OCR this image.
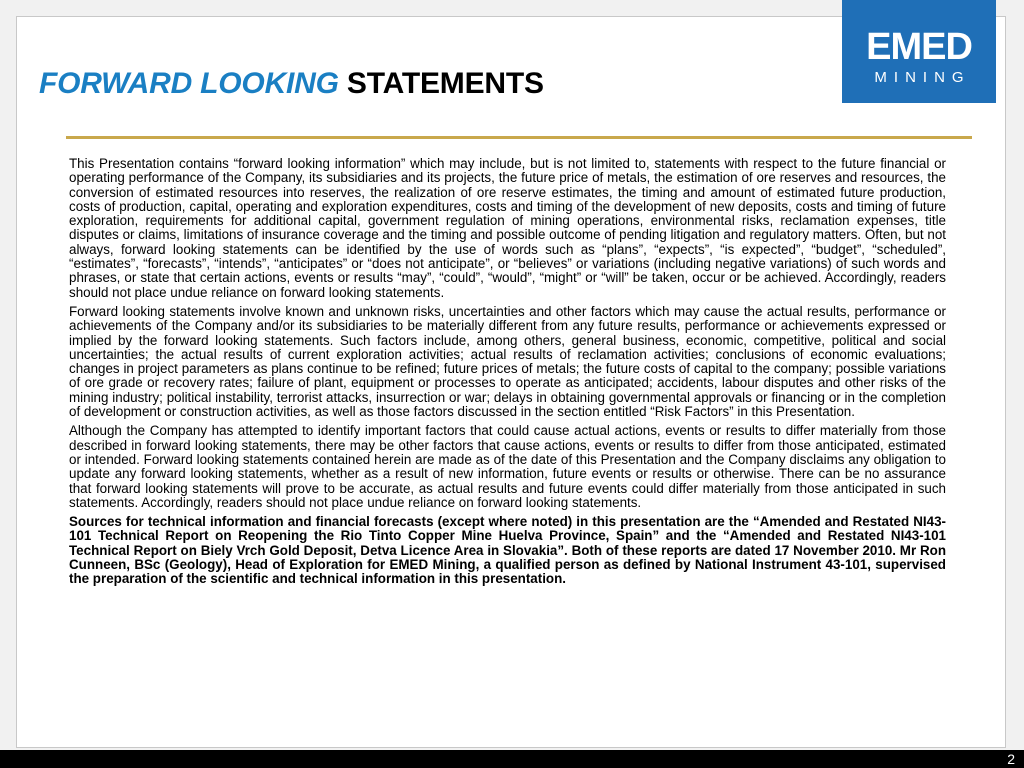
FORWARD LOOKING STATEMENTS
EMED
MINING

This Presentation contains “forward looking information” which may include, but is not limited to, statements with respect to the future financial or operating performance of the Company, its subsidiaries and its projects, the future price of metals, the estimation of ore reserves and resources, the conversion of estimated resources into reserves, the realization of ore reserve estimates, the timing and amount of estimated future production, costs of production, capital, operating and exploration expenditures, costs and timing of the development of new deposits, costs and timing of future exploration, requirements for additional capital, government regulation of mining operations, environmental risks, reclamation expenses, title disputes or claims, limitations of insurance coverage and the timing and possible outcome of pending litigation and regulatory matters. Often, but not always, forward looking statements can be identified by the use of words such as “plans”, “expects”, “is expected”, “budget”, “scheduled”, “estimates”, “forecasts”, “intends”, “anticipates” or “does not anticipate”, or “believes” or variations (including negative variations) of such words and phrases, or state that certain actions, events or results “may”, “could”, “would”, “might” or “will” be taken, occur or be achieved. Accordingly, readers should not place undue reliance on forward looking statements.

Forward looking statements involve known and unknown risks, uncertainties and other factors which may cause the actual results, performance or achievements of the Company and/or its subsidiaries to be materially different from any future results, performance or achievements expressed or implied by the forward looking statements. Such factors include, among others, general business, economic, competitive, political and social uncertainties; the actual results of current exploration activities; actual results of reclamation activities; conclusions of economic evaluations; changes in project parameters as plans continue to be refined; future prices of metals; the future costs of capital to the company; possible variations of ore grade or recovery rates; failure of plant, equipment or processes to operate as anticipated; accidents, labour disputes and other risks of the mining industry; political instability, terrorist attacks, insurrection or war; delays in obtaining governmental approvals or financing or in the completion of development or construction activities, as well as those factors discussed in the section entitled “Risk Factors” in this Presentation.

Although the Company has attempted to identify important factors that could cause actual actions, events or results to differ materially from those described in forward looking statements, there may be other factors that cause actions, events or results to differ from those anticipated, estimated or intended. Forward looking statements contained herein are made as of the date of this Presentation and the Company disclaims any obligation to update any forward looking statements, whether as a result of new information, future events or results or otherwise. There can be no assurance that forward looking statements will prove to be accurate, as actual results and future events could differ materially from those anticipated in such statements. Accordingly, readers should not place undue reliance on forward looking statements.

Sources for technical information and financial forecasts (except where noted) in this presentation are the “Amended and Restated NI43-101 Technical Report on Reopening the Rio Tinto Copper Mine Huelva Province, Spain” and the “Amended and Restated NI43-101 Technical Report on Biely Vrch Gold Deposit, Detva Licence Area in Slovakia”. Both of these reports are dated 17 November 2010. Mr Ron Cunneen, BSc (Geology), Head of Exploration for EMED Mining, a qualified person as defined by National Instrument 43-101, supervised the preparation of the scientific and technical information in this presentation.

2
